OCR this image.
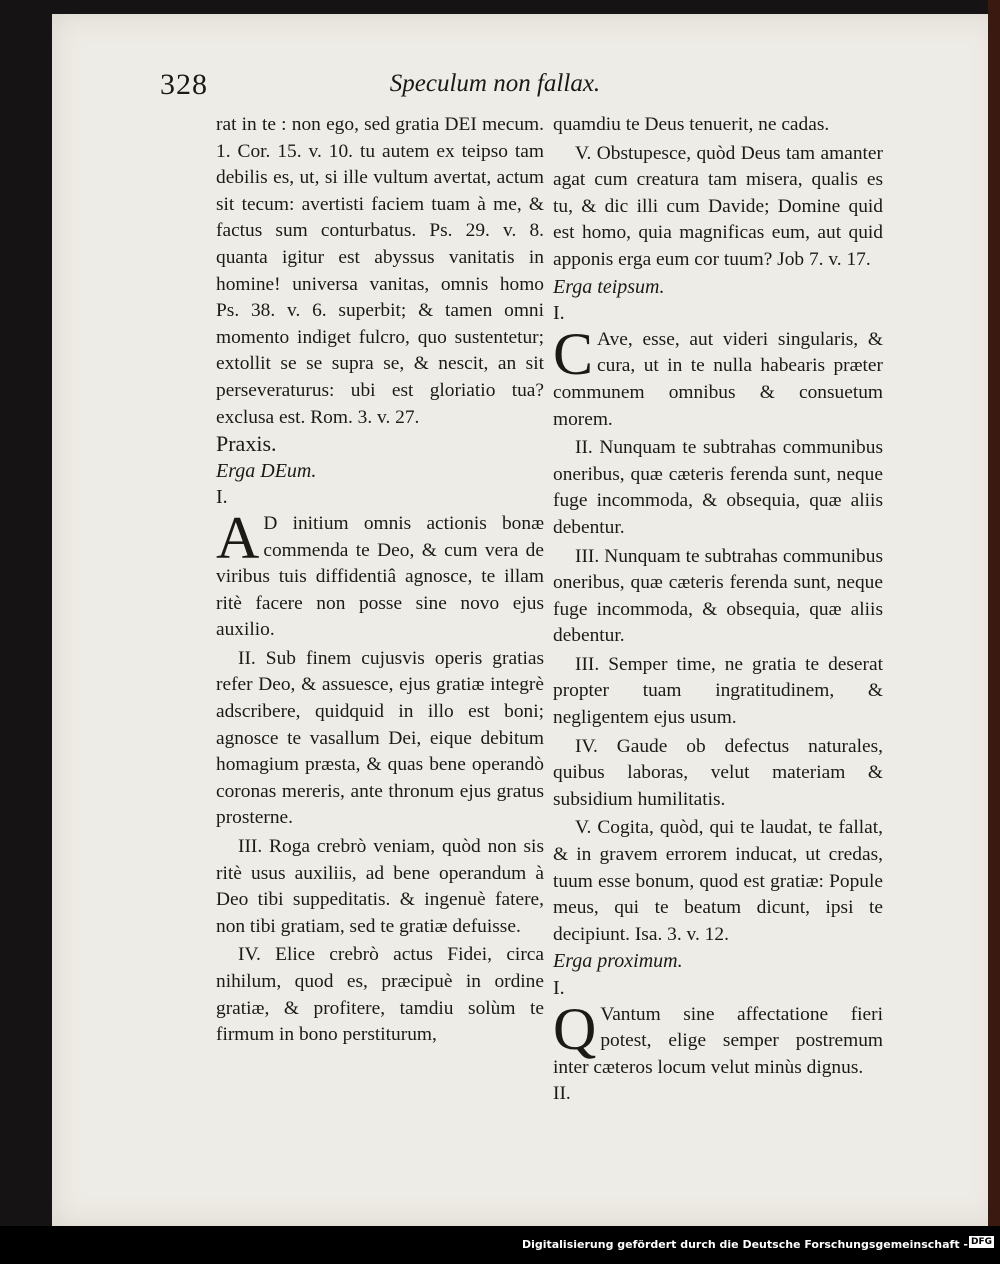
328	Speculum non fallax.

rat in te : non ego, sed gratia DEI mecum. 1. Cor. 15. v. 10. tu autem ex teipso tam debilis es, ut, si ille vultum avertat, actum sit tecum: avertisti faciem tuam à me, & factus sum conturbatus. Ps. 29. v. 8. quanta igitur est abyssus vanitatis in homine! universa vanitas, omnis homo Ps. 38. v. 6. superbit; & tamen omni momento indiget fulcro, quo sustentetur; extollit se se supra se, & nescit, an sit perseveraturus: ubi est gloriatio tua? exclusa est. Rom. 3. v. 27.

Praxis.

Erga DEum.

I.

A D initium omnis actionis bonæ commenda te Deo, & cum vera de viribus tuis diffidentiâ agnosce, te illam ritè facere non posse sine novo ejus auxilio.

II. Sub finem cujusvis operis gratias refer Deo, & assuesce, ejus gratiæ integrè adscribere, quidquid in illo est boni; agnosce te vasallum Dei, eique debitum homagium præsta, & quas bene operandò coronas mereris, ante thronum ejus gratus prosterne.

III. Roga crebrò veniam, quòd non sis ritè usus auxiliis, ad bene operandum à Deo tibi suppeditatis. & ingenuè fatere, non tibi gratiam, sed te gratiæ defuisse.

IV. Elice crebrò actus Fidei, circa nihilum, quod es, præcipuè in ordine gratiæ, & profitere, tamdiu solùm te firmum in bono perstiturum,

quamdiu te Deus tenuerit, ne cadas.

V. Obstupesce, quòd Deus tam amanter agat cum creatura tam misera, qualis es tu, & dic illi cum Davide; Domine quid est homo, quia magnificas eum, aut quid apponis erga eum cor tuum? Job 7. v. 17.

Erga teipsum.

I.

C Ave, esse, aut videri singularis, & cura, ut in te nulla habearis præter communem omnibus & consuetum morem.

II. Nunquam te subtrahas communibus oneribus, quæ cæteris ferenda sunt, neque fuge incommoda, & obsequia, quæ aliis debentur.

III. Nunquam te subtrahas communibus oneribus, quæ cæteris ferenda sunt, neque fuge incommoda, & obsequia, quæ aliis debentur.

III. Semper time, ne gratia te deserat propter tuam ingratitudinem, & negligentem ejus usum.

IV. Gaude ob defectus naturales, quibus laboras, velut materiam & subsidium humilitatis.

V. Cogita, quòd, qui te laudat, te fallat, & in gravem errorem inducat, ut credas, tuum esse bonum, quod est gratiæ: Popule meus, qui te beatum dicunt, ipsi te decipiunt. Isa. 3. v. 12.

Erga proximum.

I.

Q Vantum sine affectatione fieri potest, elige semper postremum inter cæteros locum velut minùs dignus.

II.

Digitalisierung gefördert durch die Deutsche Forschungsgemeinschaft - DFG
